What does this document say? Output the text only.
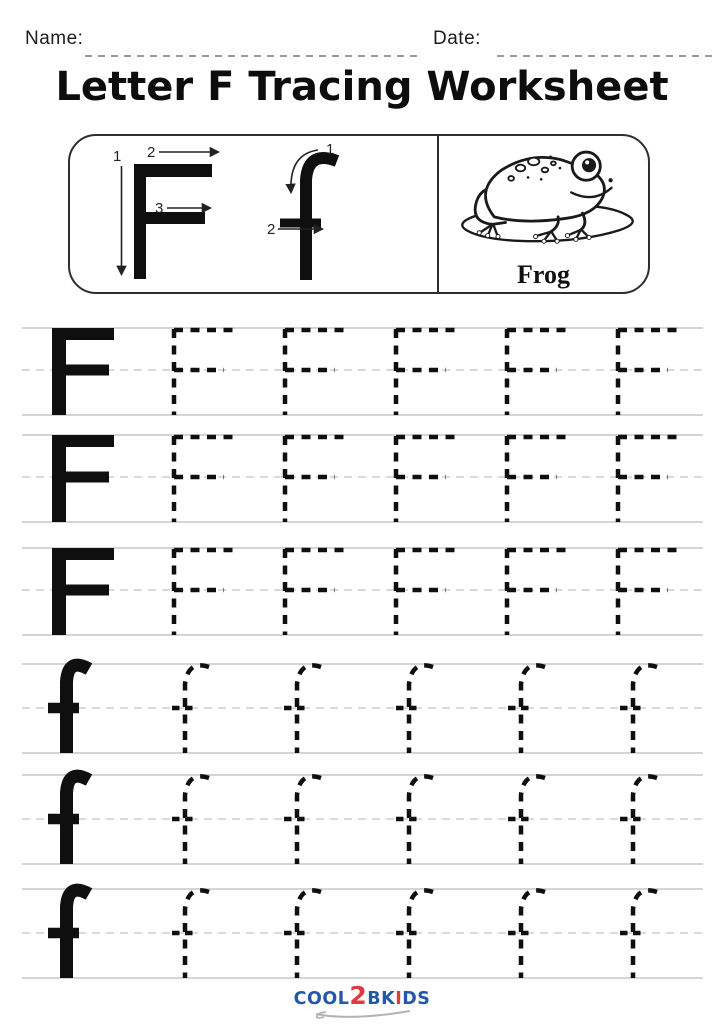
Name:	Date:
Letter F Tracing Worksheet
1 2
3
1
2
Frog
COOL2BKIDS
